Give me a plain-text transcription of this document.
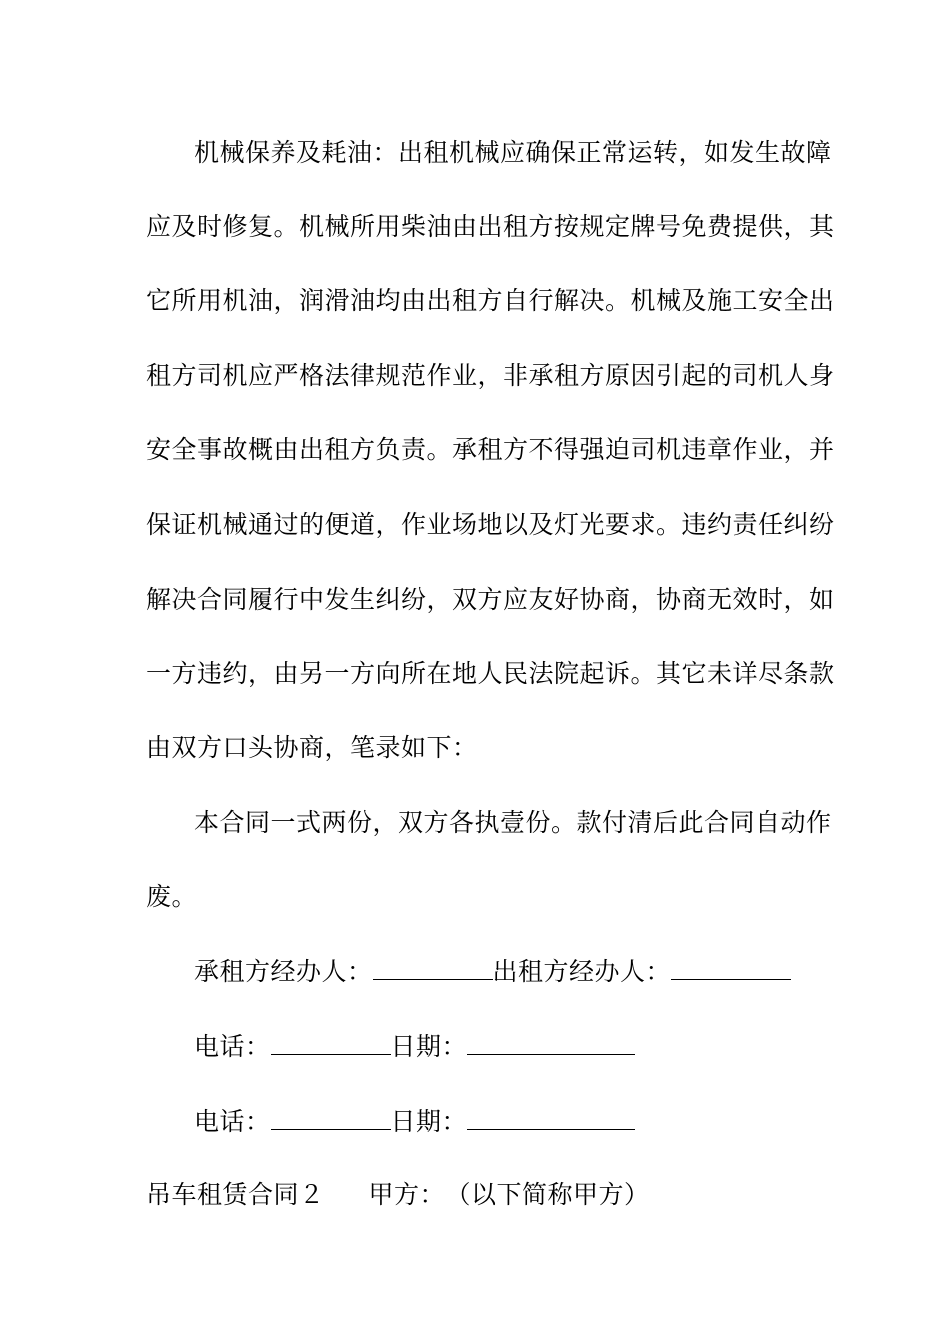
机械保养及耗油：出租机械应确保正常运转，如发生故障
应及时修复。机械所用柴油由出租方按规定牌号免费提供，其
它所用机油，润滑油均由出租方自行解决。机械及施工安全出
租方司机应严格法律规范作业，非承租方原因引起的司机人身
安全事故概由出租方负责。承租方不得强迫司机违章作业，并
保证机械通过的便道，作业场地以及灯光要求。违约责任纠纷
解决合同履行中发生纠纷，双方应友好协商，协商无效时，如
一方违约，由另一方向所在地人民法院起诉。其它未详尽条款
由双方口头协商，笔录如下：
本合同一式两份，双方各执壹份。款付清后此合同自动作
废。
承租方经办人：	出租方经办人：
电话：	日期：
电话：	日期：
吊车租赁合同２ 甲方：　（以下简称甲方）
